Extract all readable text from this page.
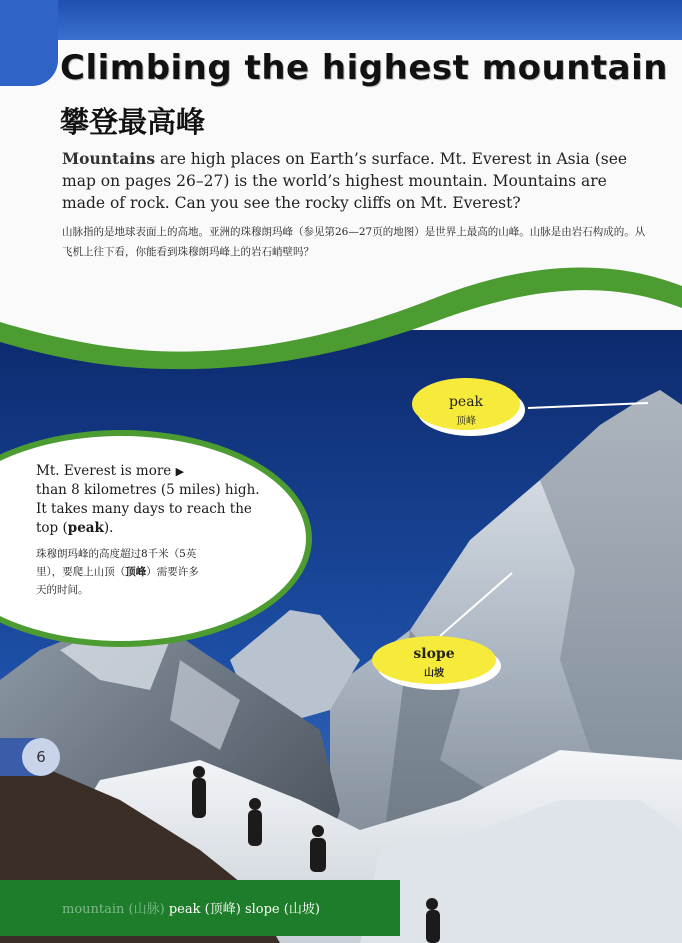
Climbing the highest mountain
攀登最高峰

Mountains are high places on Earth’s surface. Mt. Everest in Asia (see map on pages 26–27) is the world’s highest mountain. Mountains are made of rock. Can you see the rocky cliffs on Mt. Everest?

山脉指的是地球表面上的高地。亚洲的珠穆朗玛峰（参见第26—27页的地图）是世界上最高的山峰。山脉是由岩石构成的。从飞机上往下看，你能看到珠穆朗玛峰上的岩石峭壁吗？

Mt. Everest is more ▶
than 8 kilometres (5 miles) high.
It takes many days to reach the
top (peak).
珠穆朗玛峰的高度超过8千米（5英
里），要爬上山顶（顶峰）需要许多
天的时间。
peak
顶峰
slope
山坡
6
mountain (山脉) peak (顶峰) slope (山坡)
